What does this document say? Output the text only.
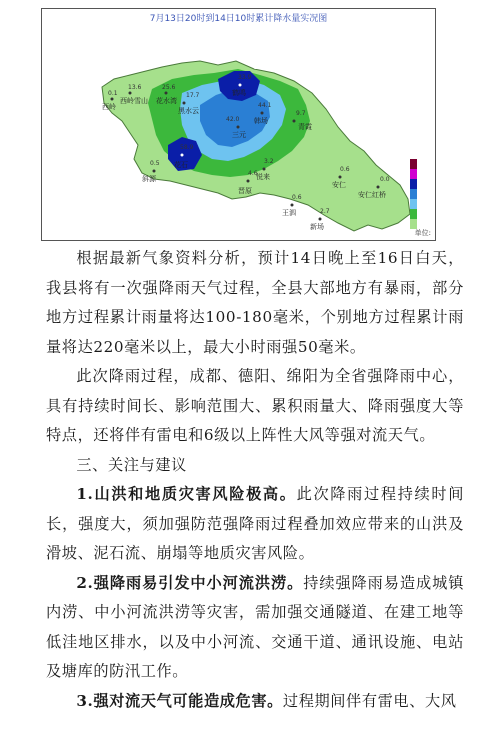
7月13日20时到14日10时累计降水量实况图
西岭
0.1
西岭雪山
13.6
花水湾
25.6
黑水云
17.7	鹤鸣
33.9
青霞
9.7
三元
42.0 韩场
44.1
安仁
0.6
安仁红桥
0.0
王泗
0.6
新场
2.7
悦来
3.2
晋原
4.6
花石
58.9
斜源
0.5
单位:

根据最新气象资料分析，预计14日晚上至16日白天，我县将有一次强降雨天气过程，全县大部地方有暴雨，部分地方过程累计雨量将达100-180毫米，个别地方过程累计雨量将达220毫米以上，最大小时雨强50毫米。

此次降雨过程，成都、德阳、绵阳为全省强降雨中心，具有持续时间长、影响范围大、累积雨量大、降雨强度大等特点，还将伴有雷电和6级以上阵性大风等强对流天气。

三、关注与建议

1.山洪和地质灾害风险极高。此次降雨过程持续时间长，强度大，须加强防范强降雨过程叠加效应带来的山洪及滑坡、泥石流、崩塌等地质灾害风险。

2.强降雨易引发中小河流洪涝。持续强降雨易造成城镇内涝、中小河流洪涝等灾害，需加强交通隧道、在建工地等低洼地区排水，以及中小河流、交通干道、通讯设施、电站及塘库的防汛工作。

3.强对流天气可能造成危害。过程期间伴有雷电、大风
